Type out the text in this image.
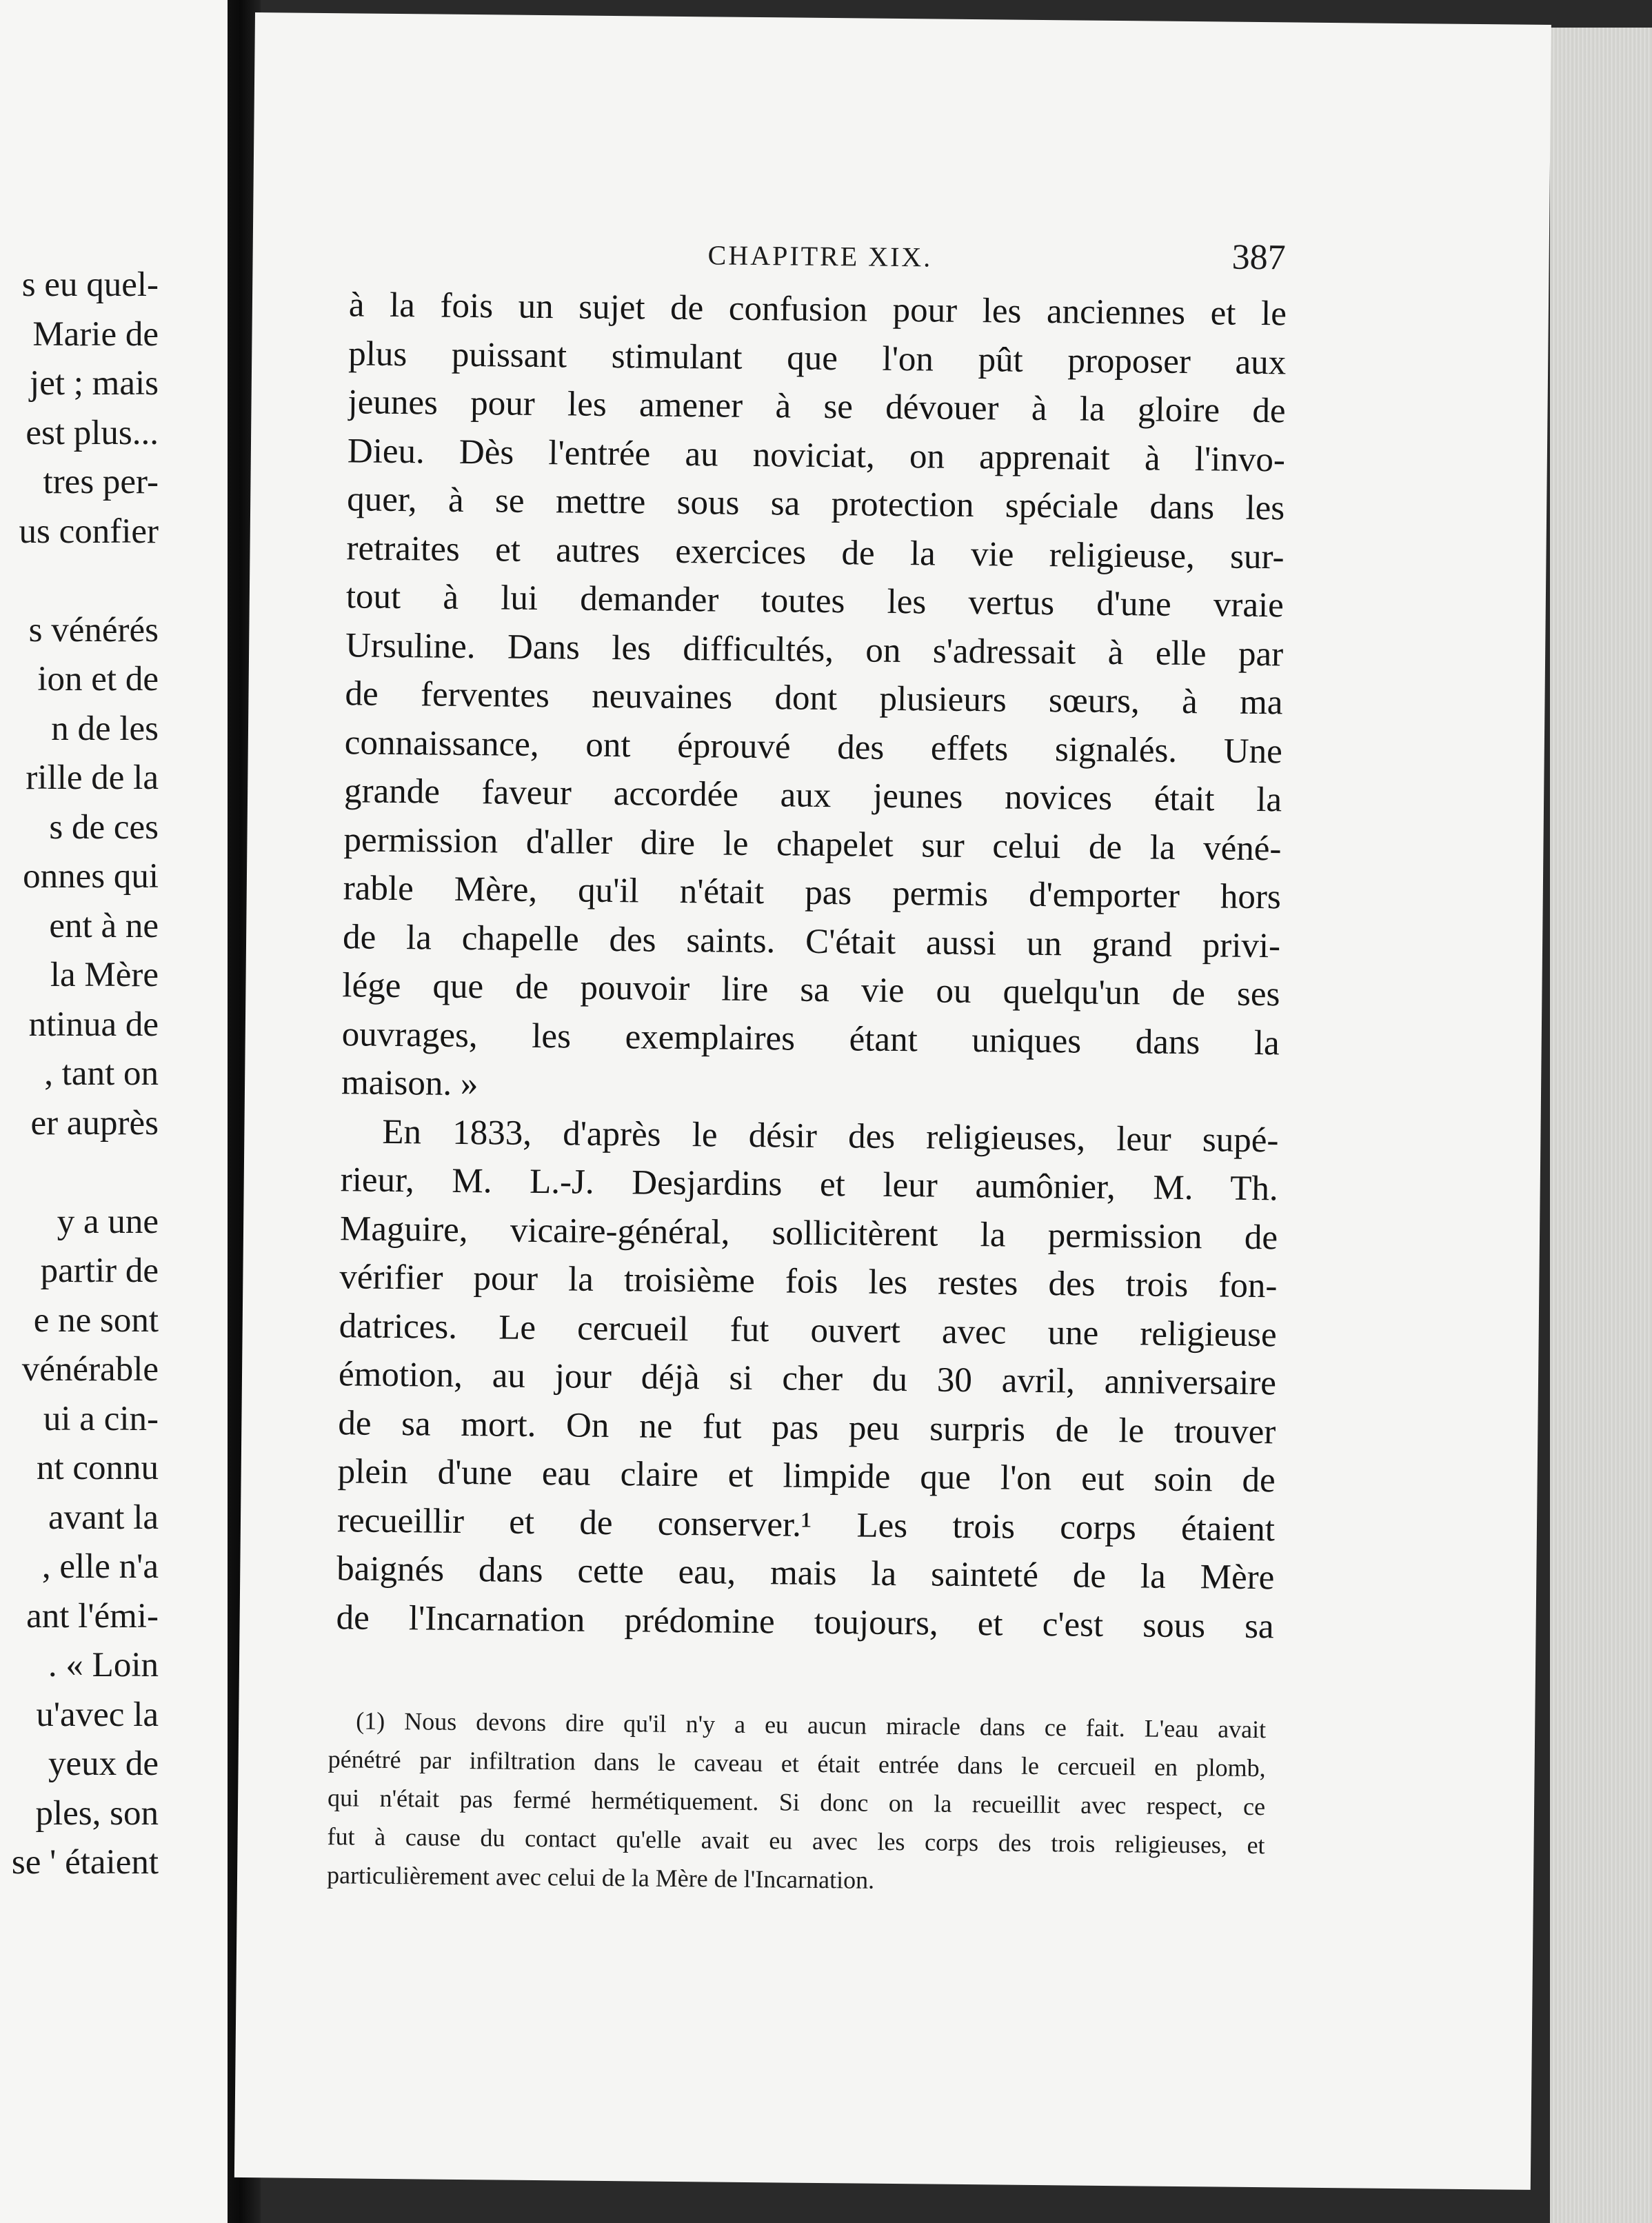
s eu quel-
Marie de
jet ; mais
est plus...
tres per-
us confier
s vénérés
ion et de
n de les
rille de la
s de ces
onnes qui
ent à ne
la Mère
ntinua de
, tant on
er auprès
y a une
partir de
e ne sont
vénérable
ui a cin-
nt connu
avant la
, elle n'a
ant l'émi-
. « Loin
u'avec la
yeux de
ples, son
se ' étaient
CHAPITRE XIX.	387
à la fois un sujet de confusion pour les anciennes et le
plus puissant stimulant que l'on pût proposer aux
jeunes pour les amener à se dévouer à la gloire de
Dieu. Dès l'entrée au noviciat, on apprenait à l'invo-
quer, à se mettre sous sa protection spéciale dans les
retraites et autres exercices de la vie religieuse, sur-
tout à lui demander toutes les vertus d'une vraie
Ursuline. Dans les difficultés, on s'adressait à elle par
de ferventes neuvaines dont plusieurs sœurs, à ma
connaissance, ont éprouvé des effets signalés. Une
grande faveur accordée aux jeunes novices était la
permission d'aller dire le chapelet sur celui de la véné-
rable Mère, qu'il n'était pas permis d'emporter hors
de la chapelle des saints. C'était aussi un grand privi-
lége que de pouvoir lire sa vie ou quelqu'un de ses
ouvrages, les exemplaires étant uniques dans la
maison. »
En 1833, d'après le désir des religieuses, leur supé-
rieur, M. L.-J. Desjardins et leur aumônier, M. Th.
Maguire, vicaire-général, sollicitèrent la permission de
vérifier pour la troisième fois les restes des trois fon-
datrices. Le cercueil fut ouvert avec une religieuse
émotion, au jour déjà si cher du 30 avril, anniversaire
de sa mort. On ne fut pas peu surpris de le trouver
plein d'une eau claire et limpide que l'on eut soin de
recueillir et de conserver.¹ Les trois corps étaient
baignés dans cette eau, mais la sainteté de la Mère
de l'Incarnation prédomine toujours, et c'est sous sa
(1) Nous devons dire qu'il n'y a eu aucun miracle dans ce fait. L'eau avait
pénétré par infiltration dans le caveau et était entrée dans le cercueil en plomb,
qui n'était pas fermé hermétiquement. Si donc on la recueillit avec respect, ce
fut à cause du contact qu'elle avait eu avec les corps des trois religieuses, et
particulièrement avec celui de la Mère de l'Incarnation.
